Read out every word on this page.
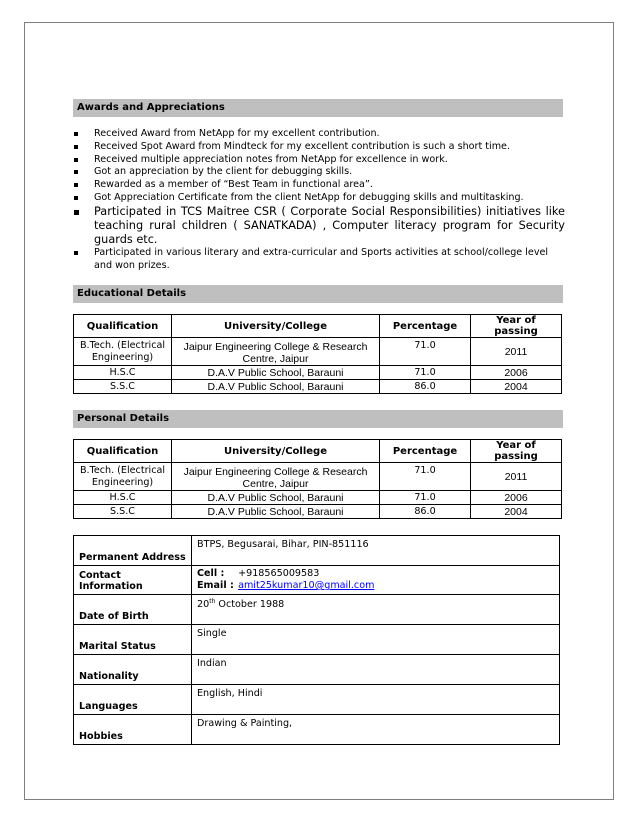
Awards and Appreciations
Received Award from NetApp for my excellent contribution.
Received Spot Award from Mindteck for my excellent contribution is such a short time.
Received multiple appreciation notes from NetApp for excellence in work.
Got an appreciation by the client for debugging skills.
Rewarded as a member of “Best Team in functional area”.
Got Appreciation Certificate from the client NetApp for debugging skills and multitasking.
Participated in TCS Maitree CSR ( Corporate Social Responsibilities) initiatives like teaching rural children ( SANATKADA) , Computer literacy program for Security guards etc.
Participated in various literary and extra-curricular and Sports activities at school/college level and won prizes.
Educational Details
Qualification	University/College	Percentage	Year of passing
B.Tech. (Electrical Engineering)	Jaipur Engineering College & Research Centre, Jaipur	71.0	2011
H.S.C	D.A.V Public School, Barauni	71.0	2006
S.S.C	D.A.V Public School, Barauni	86.0	2004
Personal Details
Qualification	University/College	Percentage	Year of passing
B.Tech. (Electrical Engineering)	Jaipur Engineering College & Research Centre, Jaipur	71.0	2011
H.S.C	D.A.V Public School, Barauni	71.0	2006
S.S.C	D.A.V Public School, Barauni	86.0	2004
Permanent Address	BTPS, Begusarai, Bihar, PIN-851116
Contact Information	Cell : +918565009583
Email : amit25kumar10@gmail.com

Date of Birth	20th October 1988
Marital Status	Single
Nationality	Indian
Languages	English, Hindi
Hobbies	Drawing & Painting,
